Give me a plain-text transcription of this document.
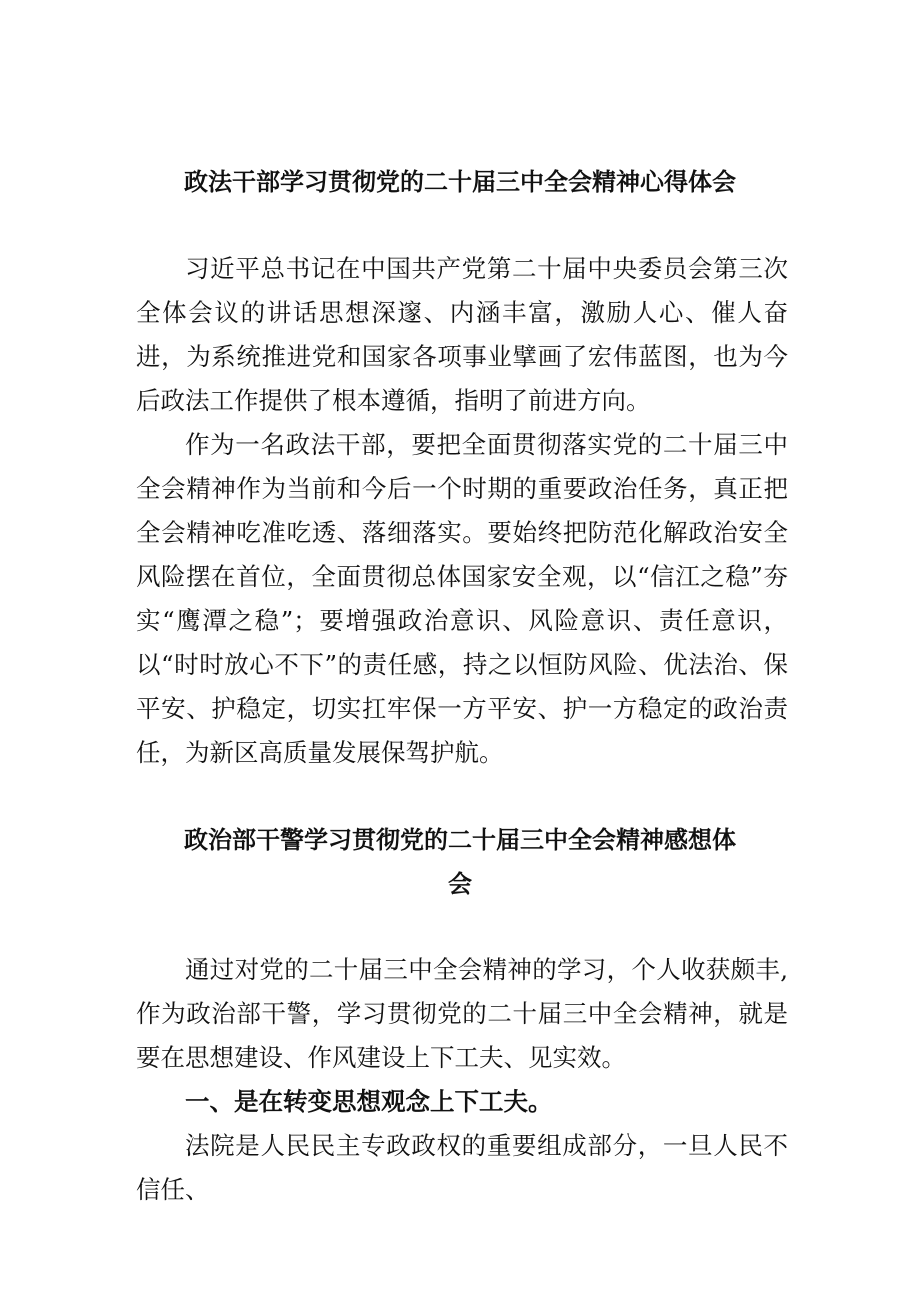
政法干部学习贯彻党的二十届三中全会精神心得体会

习近平总书记在中国共产党第二十届中央委员会第三次全体会议的讲话思想深邃、内涵丰富，激励人心、催人奋进，为系统推进党和国家各项事业擘画了宏伟蓝图，也为今后政法工作提供了根本遵循，指明了前进方向。

作为一名政法干部，要把全面贯彻落实党的二十届三中全会精神作为当前和今后一个时期的重要政治任务，真正把全会精神吃准吃透、落细落实。要始终把防范化解政治安全风险摆在首位，全面贯彻总体国家安全观，以“信江之稳”夯实“鹰潭之稳”；要增强政治意识、风险意识、责任意识，以“时时放心不下”的责任感，持之以恒防风险、优法治、保平安、护稳定，切实扛牢保一方平安、护一方稳定的政治责任，为新区高质量发展保驾护航。

政治部干警学习贯彻党的二十届三中全会精神感想体
会

通过对党的二十届三中全会精神的学习，个人收获颇丰,作为政治部干警，学习贯彻党的二十届三中全会精神，就是要在思想建设、作风建设上下工夫、见实效。

一、是在转变思想观念上下工夫。

法院是人民民主专政政权的重要组成部分，一旦人民不信任、
